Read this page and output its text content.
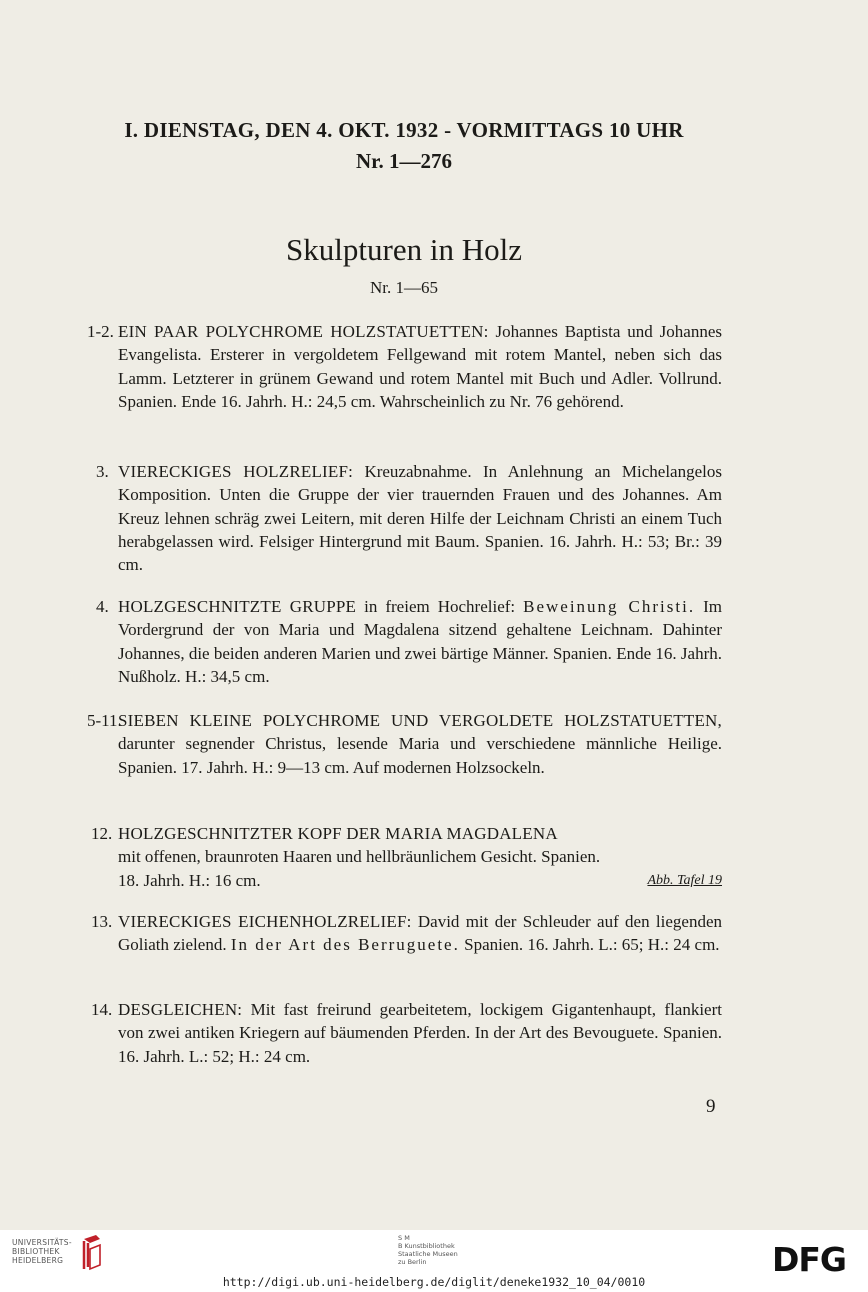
I. DIENSTAG, DEN 4. OKT. 1932 - VORMITTAGS 10 UHR
Nr. 1—276
Skulpturen in Holz
Nr. 1—65
1-2. EIN PAAR POLYCHROME HOLZSTATUETTEN: Johannes Baptista und Johannes Evangelista. Ersterer in vergoldetem Fellgewand mit rotem Mantel, neben sich das Lamm. Letzterer in grünem Gewand und rotem Mantel mit Buch und Adler. Vollrund. Spanien. Ende 16. Jahrh. H.: 24,5 cm. Wahrscheinlich zu Nr. 76 gehörend.
3. VIERECKIGES HOLZRELIEF: Kreuzabnahme. In Anlehnung an Michelangelos Komposition. Unten die Gruppe der vier trauernden Frauen und des Johannes. Am Kreuz lehnen schräg zwei Leitern, mit deren Hilfe der Leichnam Christi an einem Tuch herabgelassen wird. Felsiger Hintergrund mit Baum. Spanien. 16. Jahrh. H.: 53; Br.: 39 cm.
4. HOLZGESCHNITZTE GRUPPE in freiem Hochrelief: Beweinung Christi. Im Vordergrund der von Maria und Magdalena sitzend gehaltene Leichnam. Dahinter Johannes, die beiden anderen Marien und zwei bärtige Männer. Spanien. Ende 16. Jahrh. Nußholz. H.: 34,5 cm.
5-11.
SIEBEN KLEINE POLYCHROME UND VERGOLDETE HOLZSTATUETTEN, darunter segnender Christus, lesende Maria und verschiedene männliche Heilige. Spanien. 17. Jahrh. H.: 9—13 cm. Auf modernen Holzsockeln.
12. HOLZGESCHNITZTER KOPF DER MARIA MAGDALENA
mit offenen, braunroten Haaren und hellbräunlichem Gesicht. Spanien.
18. Jahrh. H.: 16 cm.	Abb. Tafel 19
13. VIERECKIGES EICHENHOLZRELIEF: David mit der Schleuder auf den liegenden Goliath zielend. In der Art des Berruguete. Spanien. 16. Jahrh. L.: 65; H.: 24 cm.
14. DESGLEICHEN: Mit fast freirund gearbeitetem, lockigem Gigantenhaupt, flankiert von zwei antiken Kriegern auf bäumenden Pferden. In der Art des Bevouguete. Spanien. 16. Jahrh. L.: 52; H.: 24 cm.
9
UNIVERSITÄTS-
BIBLIOTHEK
HEIDELBERG
S M
B Kunstbibliothek
Staatliche Museen
zu Berlin
http://digi.ub.uni-heidelberg.de/diglit/deneke1932_10_04/0010
DFG
